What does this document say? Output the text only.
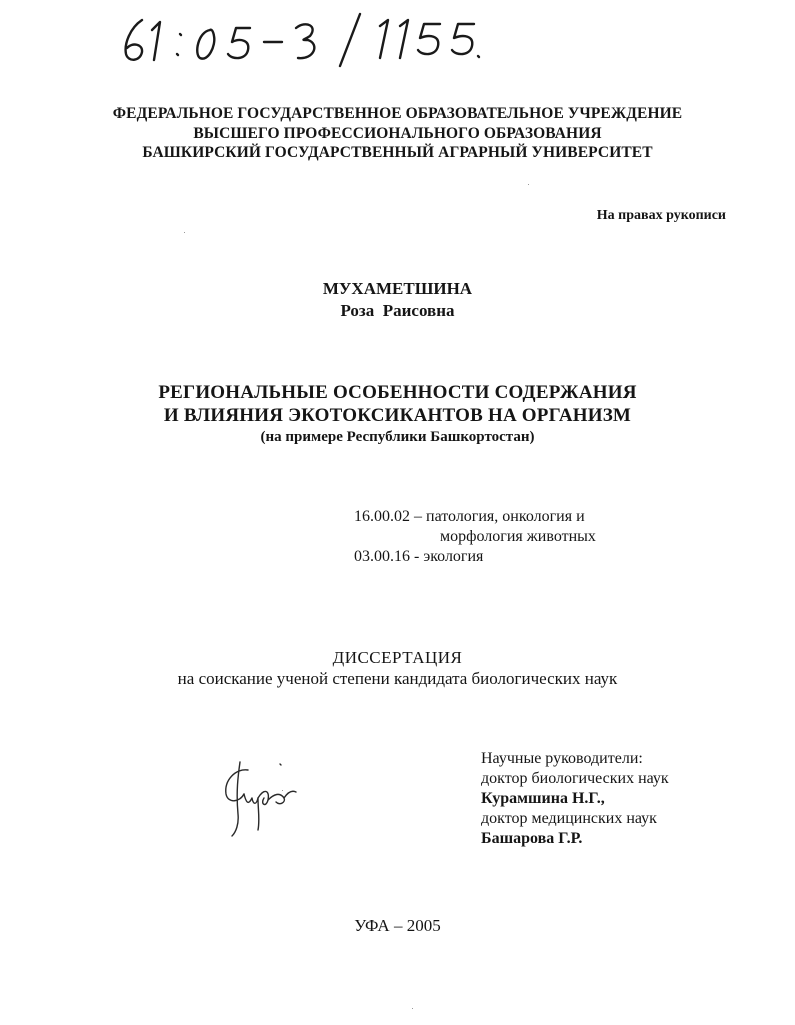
ФЕДЕРАЛЬНОЕ ГОСУДАРСТВЕННОЕ ОБРАЗОВАТЕЛЬНОЕ УЧРЕЖДЕНИЕ
ВЫСШЕГО ПРОФЕССИОНАЛЬНОГО ОБРАЗОВАНИЯ
БАШКИРСКИЙ ГОСУДАРСТВЕННЫЙ АГРАРНЫЙ УНИВЕРСИТЕТ
На правах рукописи
МУХАМЕТШИНА
Роза  Раисовна
РЕГИОНАЛЬНЫЕ ОСОБЕННОСТИ СОДЕРЖАНИЯ
И ВЛИЯНИЯ ЭКОТОКСИКАНТОВ НА ОРГАНИЗМ
(на примере Республики Башкортостан)
16.00.02 – патология, онкология и
морфология животных
03.00.16 - экология
ДИССЕРТАЦИЯ
на соискание ученой степени кандидата биологических наук
Научные руководители:
доктор биологических наук
Курамшина Н.Г.,
доктор медицинских наук
Башарова Г.Р.
УФА – 2005
